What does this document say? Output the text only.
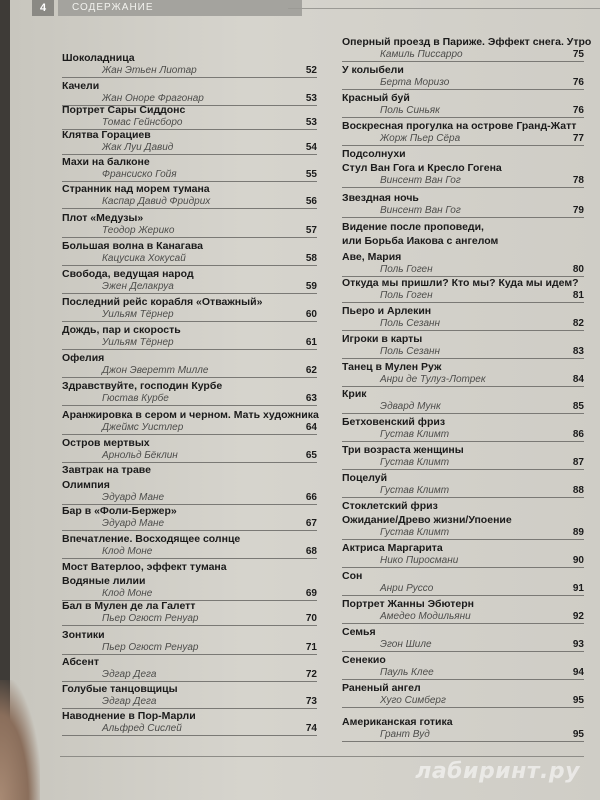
4	СОДЕРЖАНИЕ
Шоколадница
Жан Этьен Лиотар	52
Качели
Жан Оноре Фрагонар	53
Портрет Сары Сиддонс
Томас Гейнсборо	53
Клятва Горациев
Жак Луи Давид	54
Махи на балконе
Франсиско Гойя	55
Странник над морем тумана
Каспар Давид Фридрих	56
Плот «Медузы»
Теодор Жерико	57
Большая волна в Канагава
Кацусика Хокусай	58
Свобода, ведущая народ
Эжен Делакруа	59
Последний рейс корабля «Отважный»
Уильям Тёрнер	60
Дождь, пар и скорость
Уильям Тёрнер	61
Офелия
Джон Эверетт Милле	62
Здравствуйте, господин Курбе
Гюстав Курбе	63
Аранжировка в сером и черном. Мать художника
Джеймс Уистлер	64
Остров мертвых
Арнольд Бёклин	65
Завтрак на траве
Олимпия
Эдуард Мане	66
Бар в «Фоли-Бержер»
Эдуард Мане	67
Впечатление. Восходящее солнце
Клод Моне	68
Мост Ватерлоо, эффект тумана
Водяные лилии
Клод Моне	69
Бал в Мулен де ла Галетт
Пьер Огюст Ренуар	70
Зонтики
Пьер Огюст Ренуар	71
Абсент
Эдгар Дега	72
Голубые танцовщицы
Эдгар Дега	73
Наводнение в Пор-Марли
Альфред Сислей	74
Оперный проезд в Париже. Эффект снега. Утро
Камиль Писсарро	75
У колыбели
Берта Моризо	76
Красный буй
Поль Синьяк	76
Воскресная прогулка на острове Гранд-Жатт
Жорж Пьер Сёра	77
Подсолнухи
Стул Ван Гога и Кресло Гогена
Винсент Ван Гог	78
Звездная ночь
Винсент Ван Гог	79
Видение после проповеди,
или Борьба Иакова с ангелом
Аве, Мария
Поль Гоген	80
Откуда мы пришли? Кто мы? Куда мы идем?
Поль Гоген	81
Пьеро и Арлекин
Поль Сезанн	82
Игроки в карты
Поль Сезанн	83
Танец в Мулен Руж
Анри де Тулуз-Лотрек	84
Крик
Эдвард Мунк	85
Бетховенский фриз
Густав Климт	86
Три возраста женщины
Густав Климт	87
Поцелуй
Густав Климт	88
Стоклетский фриз
Ожидание/Древо жизни/Упоение
Густав Климт	89
Актриса Маргарита
Нико Пиросмани	90
Сон
Анри Руссо	91
Портрет Жанны Эбютерн
Амедео Модильяни	92
Семья
Эгон Шиле	93
Сенекио
Пауль Клее	94
Раненый ангел
Хуго Симберг	95
Американская готика
Грант Вуд	95
лабиринт.ру
